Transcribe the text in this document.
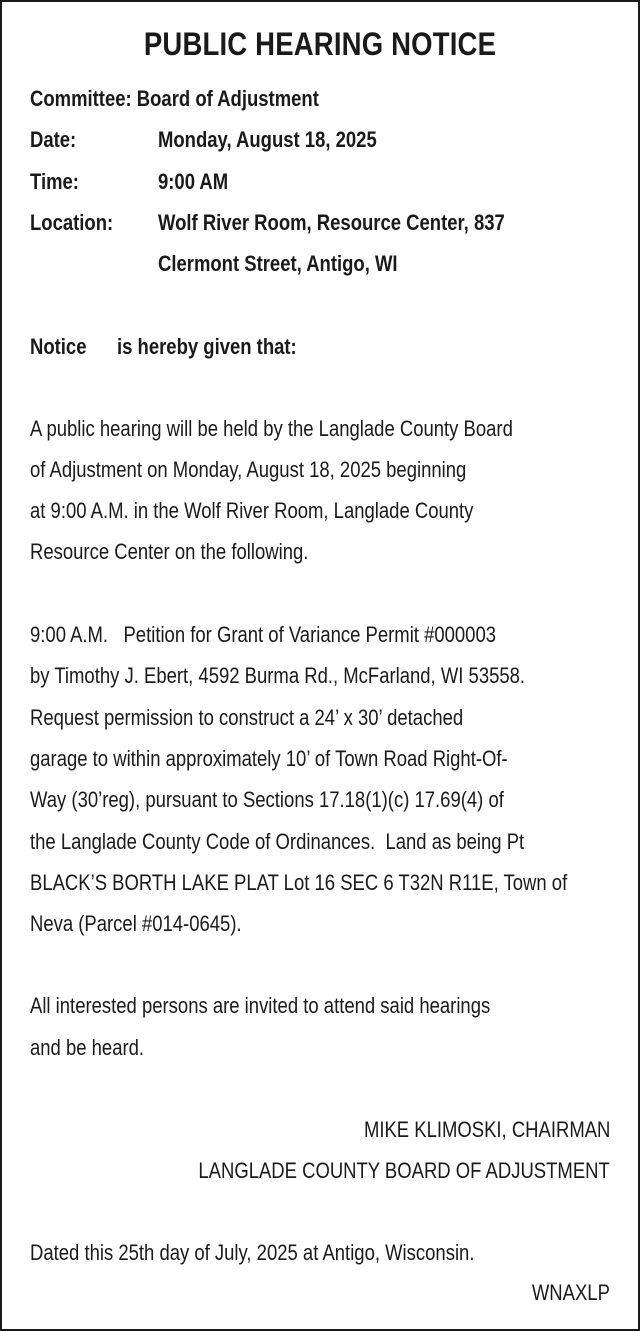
PUBLIC HEARING NOTICE
Committee: Board of Adjustment
Date:	Monday, August 18, 2025
Time:	9:00 AM
Location: Wolf River Room, Resource Center, 837
Clermont Street, Antigo, WI
Notice is hereby given that:
A public hearing will be held by the Langlade County Board
of Adjustment on Monday, August 18, 2025 beginning
at 9:00 A.M. in the Wolf River Room, Langlade County
Resource Center on the following.
9:00 A.M.   Petition for Grant of Variance Permit #000003
by Timothy J. Ebert, 4592 Burma Rd., McFarland, WI 53558.
Request permission to construct a 24’ x 30’ detached
garage to within approximately 10’ of Town Road Right-Of-
Way (30’reg), pursuant to Sections 17.18(1)(c) 17.69(4) of
the Langlade County Code of Ordinances.  Land as being Pt
BLACK’S BORTH LAKE PLAT Lot 16 SEC 6 T32N R11E, Town of
Neva (Parcel #014-0645).
All interested persons are invited to attend said hearings
and be heard.
MIKE KLIMOSKI, CHAIRMAN
LANGLADE COUNTY BOARD OF ADJUSTMENT
Dated this 25th day of July, 2025 at Antigo, Wisconsin.
WNAXLP
